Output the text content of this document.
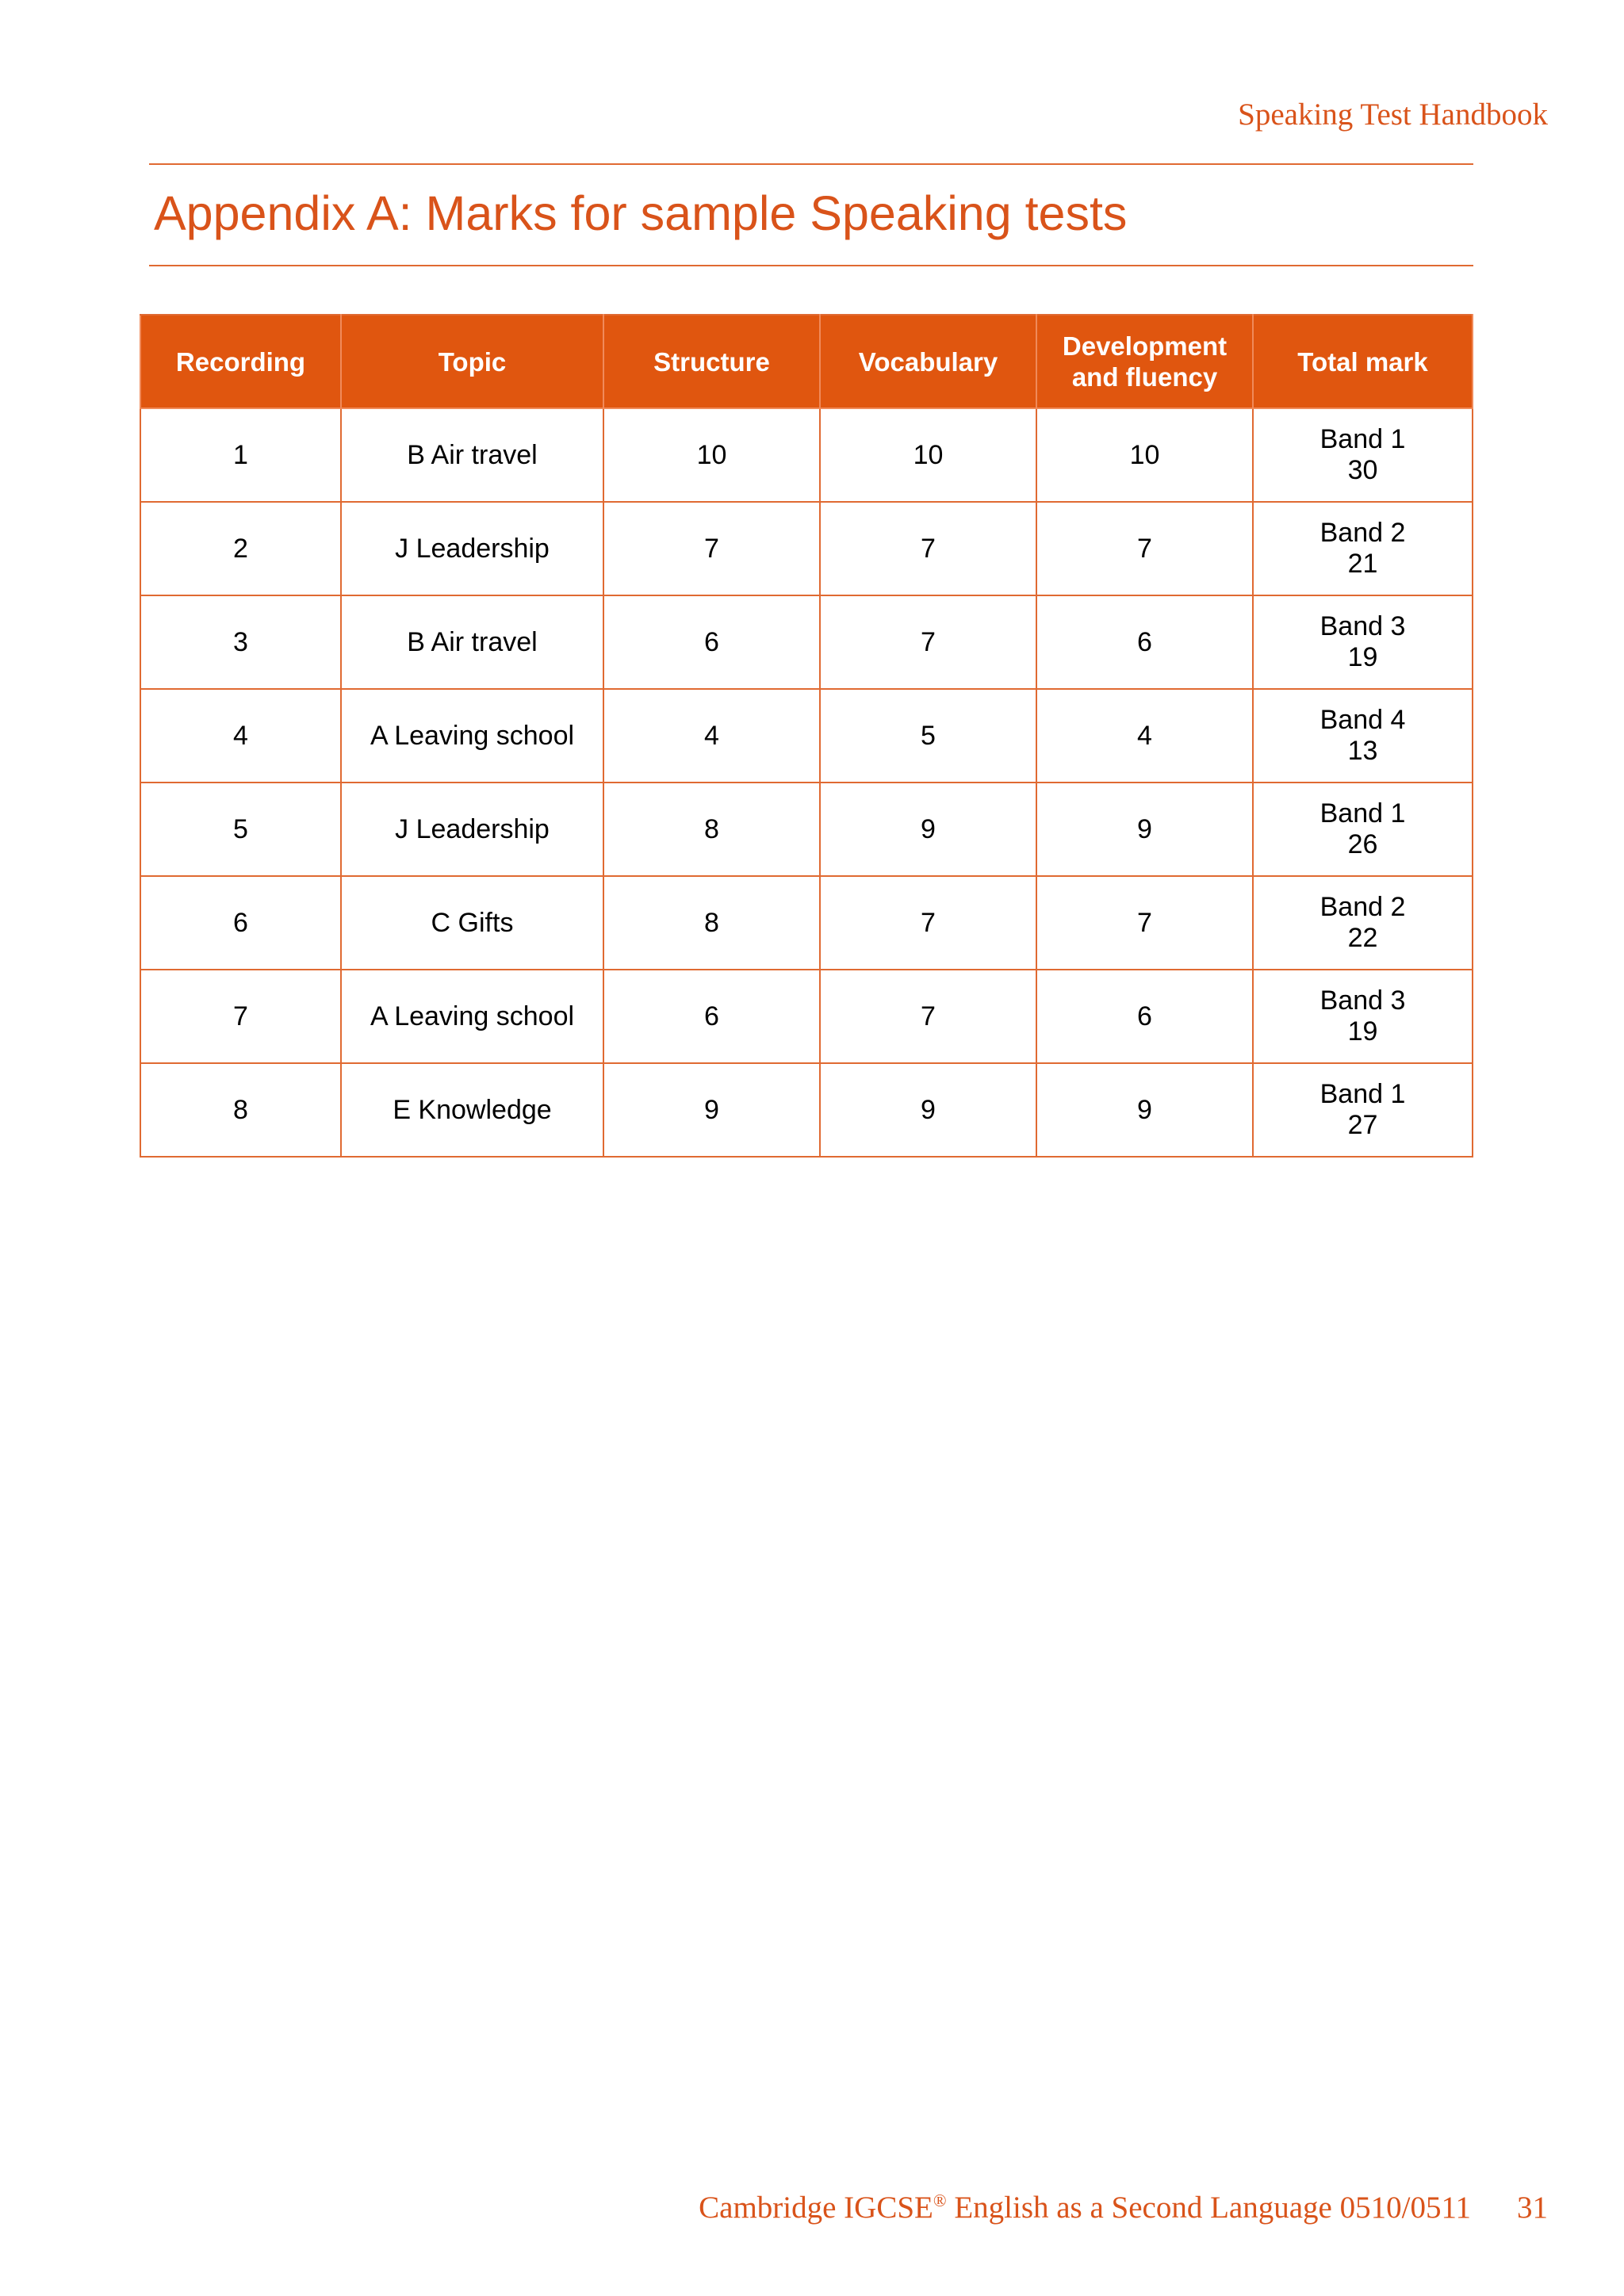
Speaking Test Handbook
Appendix A: Marks for sample Speaking tests
Recording	Topic	Structure	Vocabulary	Development and fluency	Total mark
1	B Air travel	10	10	10	Band 1
30

2	J Leadership	7	7	7	Band 2
21

3	B Air travel	6	7	6	Band 3
19

4	A Leaving school	4	5	4	Band 4
13

5	J Leadership	8	9	9	Band 1
26

6	C Gifts	8	7	7	Band 2
22

7	A Leaving school	6	7	6	Band 3
19

8	E Knowledge	9	9	9	Band 1
27
Cambridge IGCSE® English as a Second Language 0510/0511 31
